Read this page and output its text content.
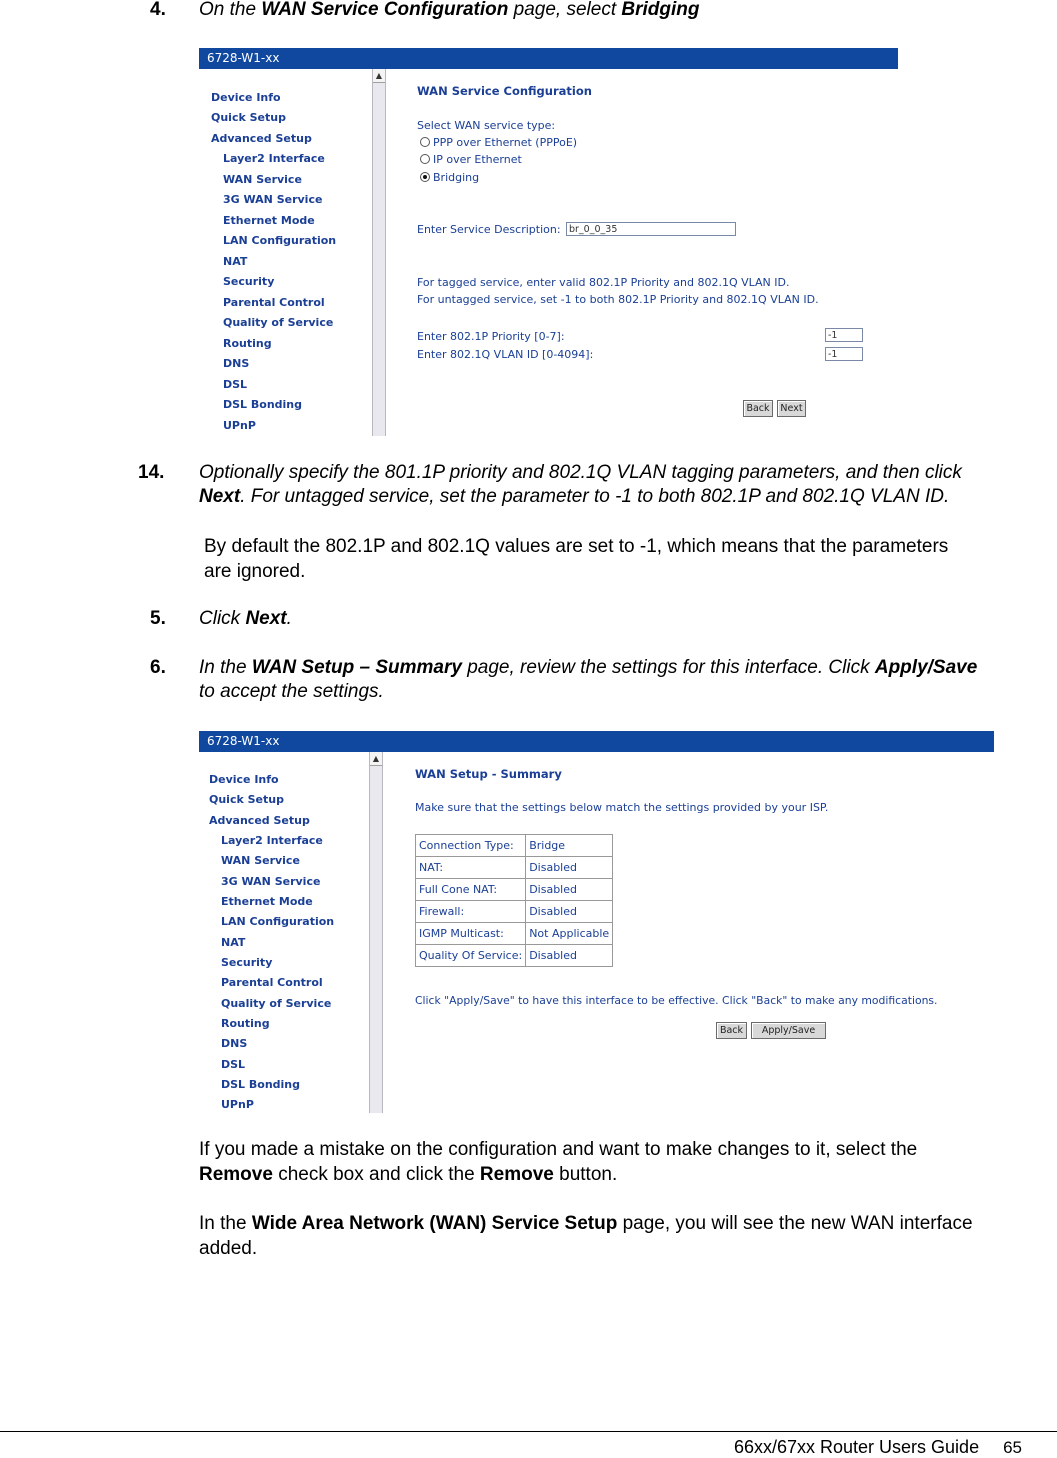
4. On the WAN Service Configuration page, select Bridging
6728-W1-xx
Device Info
Quick Setup
Advanced Setup
Layer2 Interface
WAN Service
3G WAN Service
Ethernet Mode
LAN Configuration
NAT
Security
Parental Control
Quality of Service
Routing
DNS
DSL
DSL Bonding
UPnP
▲
WAN Service Configuration
Select WAN service type:
PPP over Ethernet (PPPoE)
IP over Ethernet
Bridging
Enter Service Description: br_0_0_35
For tagged service, enter valid 802.1P Priority and 802.1Q VLAN ID.
For untagged service, set -1 to both 802.1P Priority and 802.1Q VLAN ID.
Enter 802.1P Priority [0-7]:	-1
Enter 802.1Q VLAN ID [0-4094]:	-1
Back	Next
14. Optionally specify the 801.1P priority and 802.1Q VLAN tagging parameters, and then click
Next. For untagged service, set the parameter to -1 to both 802.1P and 802.1Q VLAN ID.
By default the 802.1P and 802.1Q values are set to -1, which means that the parameters
are ignored.
5. Click Next.
6. In the WAN Setup – Summary page, review the settings for this interface. Click Apply/Save
to accept the settings.
6728-W1-xx
Device Info
Quick Setup
Advanced Setup
Layer2 Interface
WAN Service
3G WAN Service
Ethernet Mode
LAN Configuration
NAT
Security
Parental Control
Quality of Service
Routing
DNS
DSL
DSL Bonding
UPnP
▲
WAN Setup - Summary
Make sure that the settings below match the settings provided by your ISP.
Connection Type:	Bridge
NAT:	Disabled
Full Cone NAT:	Disabled
Firewall:	Disabled
IGMP Multicast:	Not Applicable
Quality Of Service:	Disabled
Click "Apply/Save" to have this interface to be effective. Click "Back" to make any modifications.
Back	Apply/Save
If you made a mistake on the configuration and want to make changes to it, select the
Remove check box and click the Remove button.
In the Wide Area Network (WAN) Service Setup page, you will see the new WAN interface
added.
66xx/67xx Router Users Guide 65
